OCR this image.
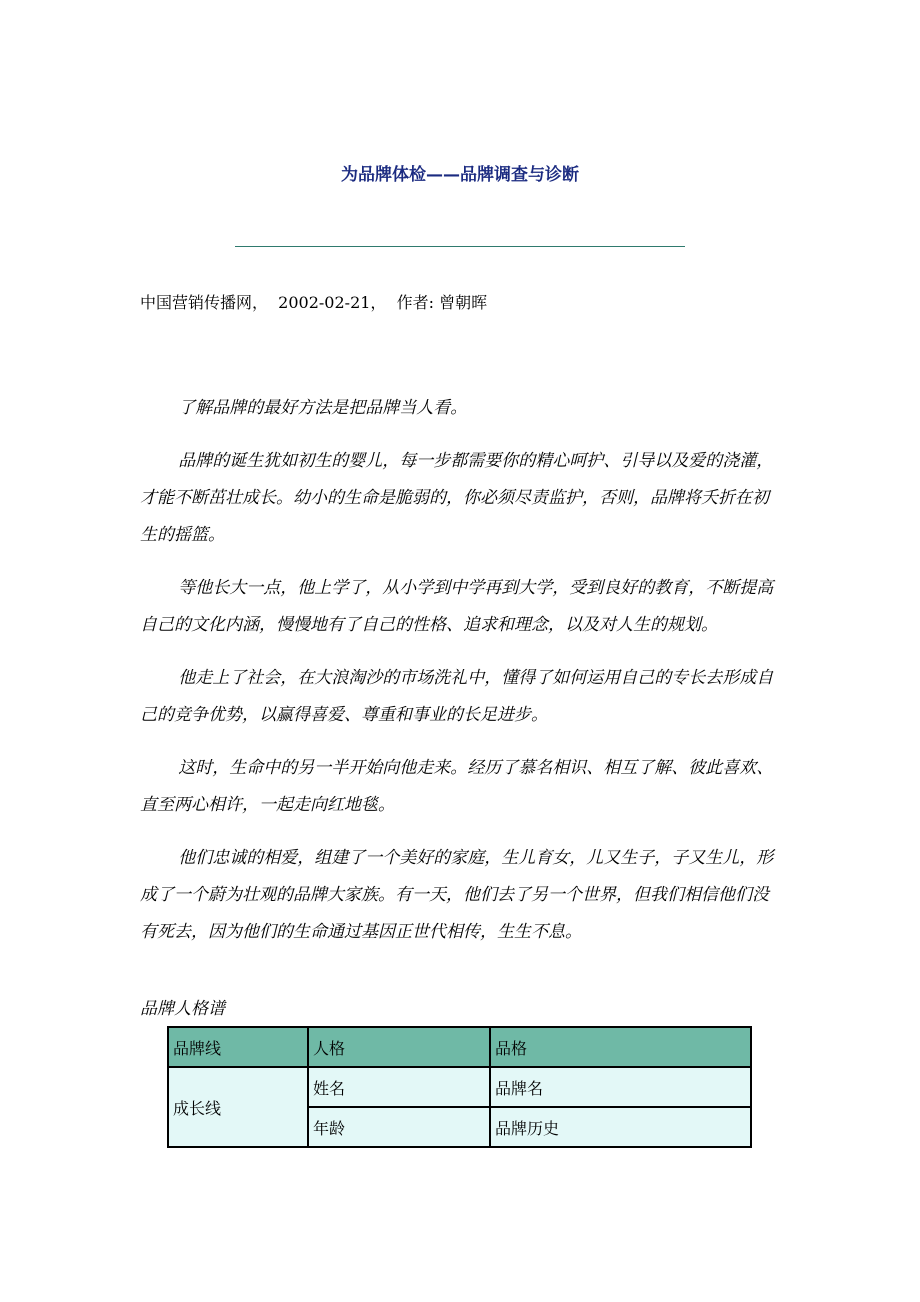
为品牌体检——品牌调查与诊断

中国营销传播网，  2002-02-21，  作者: 曾朝晖

了解品牌的最好方法是把品牌当人看。

品牌的诞生犹如初生的婴儿，每一步都需要你的精心呵护、引导以及爱的浇灌，才能不断茁壮成长。幼小的生命是脆弱的，你必须尽责监护，否则，品牌将夭折在初生的摇篮。

等他长大一点，他上学了，从小学到中学再到大学，受到良好的教育，不断提高自己的文化内涵，慢慢地有了自己的性格、追求和理念，以及对人生的规划。

他走上了社会，在大浪淘沙的市场洗礼中，懂得了如何运用自己的专长去形成自己的竞争优势，以赢得喜爱、尊重和事业的长足进步。

这时，生命中的另一半开始向他走来。经历了慕名相识、相互了解、彼此喜欢、直至两心相许，一起走向红地毯。

他们忠诚的相爱，组建了一个美好的家庭，生儿育女，儿又生子，子又生儿，形成了一个蔚为壮观的品牌大家族。有一天，他们去了另一个世界，但我们相信他们没有死去，因为他们的生命通过基因正世代相传，生生不息。

品牌人格谱

品牌线	人格	品格
成长线	姓名	品牌名
	年龄	品牌历史
